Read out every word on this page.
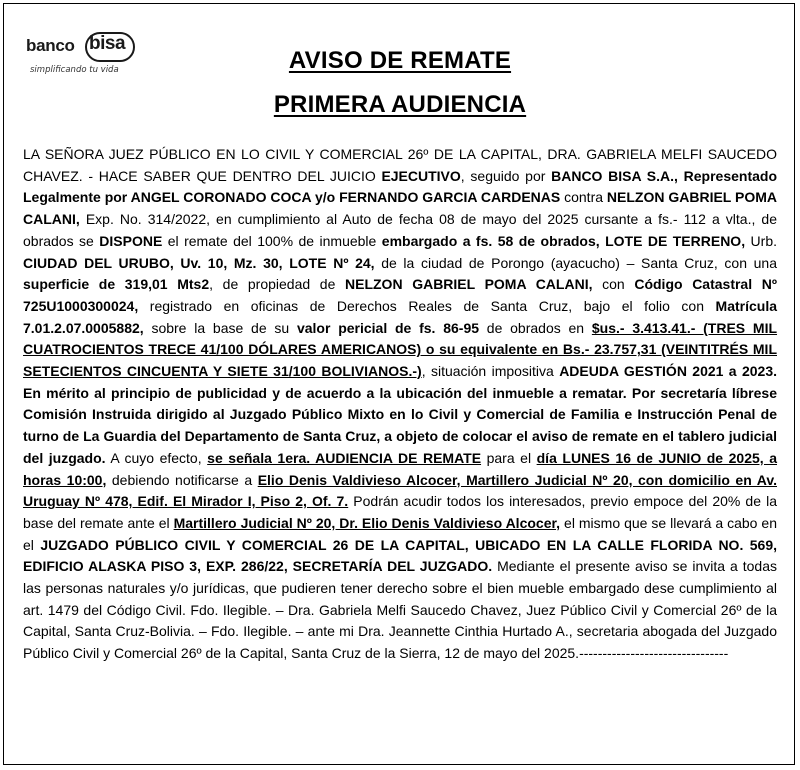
banco bisa
simplificando tu vida	AVISO DE REMATE
PRIMERA AUDIENCIA

LA SEÑORA JUEZ PÚBLICO EN LO CIVIL Y COMERCIAL 26º DE LA CAPITAL, DRA. GABRIELA MELFI SAUCEDO CHAVEZ. - HACE SABER QUE DENTRO DEL JUICIO EJECUTIVO, seguido por BANCO BISA S.A., Representado Legalmente por ANGEL CORONADO COCA y/o FERNANDO GARCIA CARDENAS contra NELZON GABRIEL POMA CALANI, Exp. No. 314/2022, en cumplimiento al Auto de fecha 08 de mayo del 2025 cursante a fs.- 112 a vlta., de obrados se DISPONE el remate del 100% de inmueble embargado a fs. 58 de obrados, LOTE DE TERRENO, Urb. CIUDAD DEL URUBO, Uv. 10, Mz. 30, LOTE Nº 24, de la ciudad de Porongo (ayacucho) – Santa Cruz, con una superficie de 319,01 Mts2, de propiedad de NELZON GABRIEL POMA CALANI, con Código Catastral Nº 725U1000300024, registrado en oficinas de Derechos Reales de Santa Cruz, bajo el folio con Matrícula 7.01.2.07.0005882, sobre la base de su valor pericial de fs. 86-95 de obrados en $us.- 3.413.41.- (TRES MIL CUATROCIENTOS TRECE 41/100 DÓLARES AMERICANOS) o su equivalente en Bs.- 23.757,31 (VEINTITRÉS MIL SETECIENTOS CINCUENTA Y SIETE 31/100 BOLIVIANOS.-), situación impositiva ADEUDA GESTIÓN 2021 a 2023. En mérito al principio de publicidad y de acuerdo a la ubicación del inmueble a rematar. Por secretaría líbrese Comisión Instruida dirigido al Juzgado Público Mixto en lo Civil y Comercial de Familia e Instrucción Penal de turno de La Guardia del Departamento de Santa Cruz, a objeto de colocar el aviso de remate en el tablero judicial del juzgado. A cuyo efecto, se señala 1era. AUDIENCIA DE REMATE para el día LUNES 16 de JUNIO de 2025, a horas 10:00, debiendo notificarse a Elio Denis Valdivieso Alcocer, Martillero Judicial Nº 20, con domicilio en Av. Uruguay Nº 478, Edif. El Mirador I, Piso 2, Of. 7. Podrán acudir todos los interesados, previo empoce del 20% de la base del remate ante el Martillero Judicial Nº 20, Dr. Elio Denis Valdivieso Alcocer, el mismo que se llevará a cabo en el JUZGADO PÚBLICO CIVIL Y COMERCIAL 26 DE LA CAPITAL, UBICADO EN LA CALLE FLORIDA NO. 569, EDIFICIO ALASKA PISO 3, EXP. 286/22, SECRETARÍA DEL JUZGADO. Mediante el presente aviso se invita a todas las personas naturales y/o jurídicas, que pudieren tener derecho sobre el bien mueble embargado dese cumplimiento al art. 1479 del Código Civil. Fdo. Ilegible. – Dra. Gabriela Melfi Saucedo Chavez, Juez Público Civil y Comercial 26º de la Capital, Santa Cruz-Bolivia. – Fdo. Ilegible. – ante mi Dra. Jeannette Cinthia Hurtado A., secretaria abogada del Juzgado Público Civil y Comercial 26º de la Capital, Santa Cruz de la Sierra, 12 de mayo del 2025.--------------------------------
